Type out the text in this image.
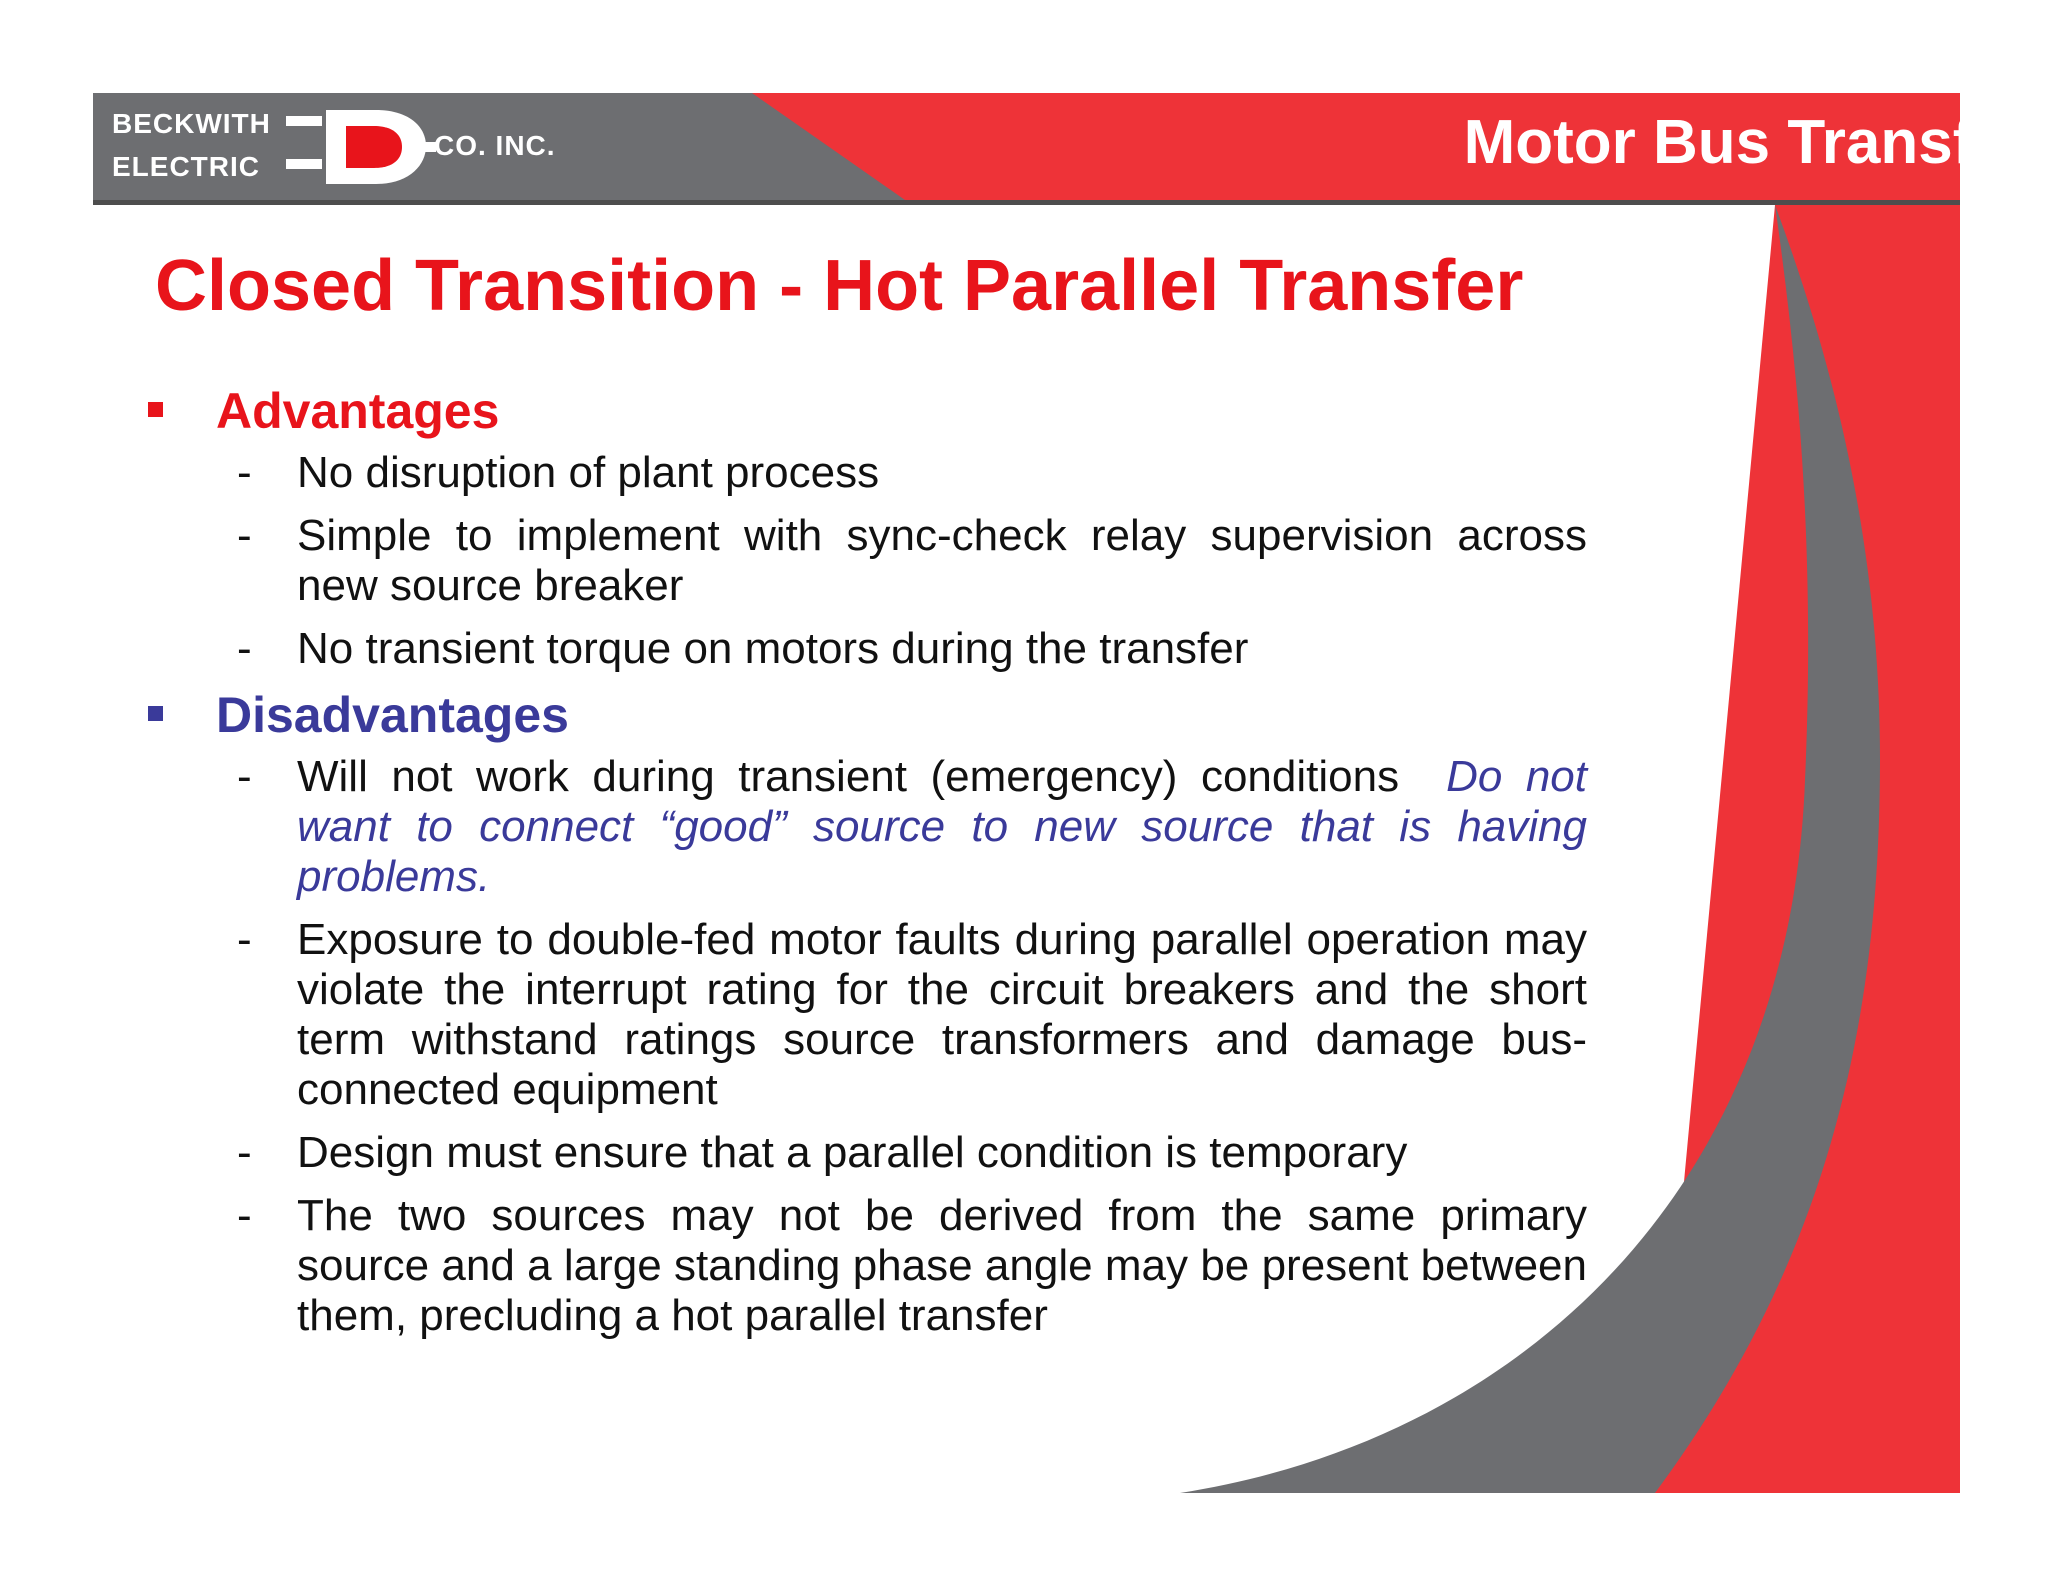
BECKWITH
ELECTRIC
CO. INC.	Motor Bus Transfer
Closed Transition - Hot Parallel Transfer

Advantages

- No disruption of plant process
- Simple to implement with sync-check relay supervision across new source breaker
- No transient torque on motors during the transfer

Disadvantages

- Will not work during transient (emergency) conditions Do not want to connect “good” source to new source that is having problems.
- Exposure to double-fed motor faults during parallel operation may violate the interrupt rating for the circuit breakers and the short term withstand ratings source transformers and damage bus-connected equipment
- Design must ensure that a parallel condition is temporary
- The two sources may not be derived from the same primary source and a large standing phase angle may be present between them, precluding a hot parallel transfer
